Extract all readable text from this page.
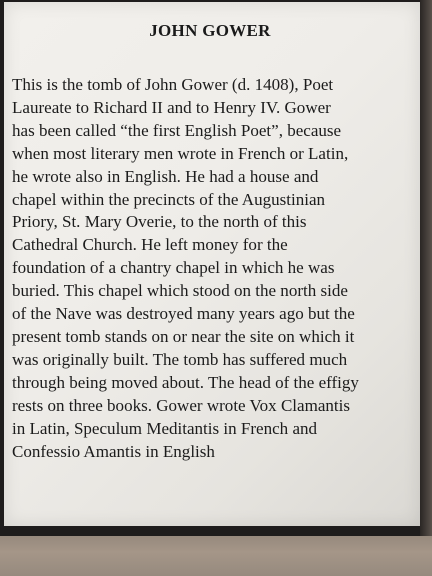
JOHN GOWER

This is the tomb of John Gower (d. 1408), Poet
Laureate to Richard II and to Henry IV. Gower
has been called “the first English Poet”, because
when most literary men wrote in French or Latin,
he wrote also in English. He had a house and
chapel within the precincts of the Augustinian
Priory, St. Mary Overie, to the north of this
Cathedral Church. He left money for the
foundation of a chantry chapel in which he was
buried. This chapel which stood on the north side
of the Nave was destroyed many years ago but the
present tomb stands on or near the site on which it
was originally built. The tomb has suffered much
through being moved about. The head of the effigy
rests on three books. Gower wrote Vox Clamantis
in Latin, Speculum Meditantis in French and
Confessio Amantis in English
